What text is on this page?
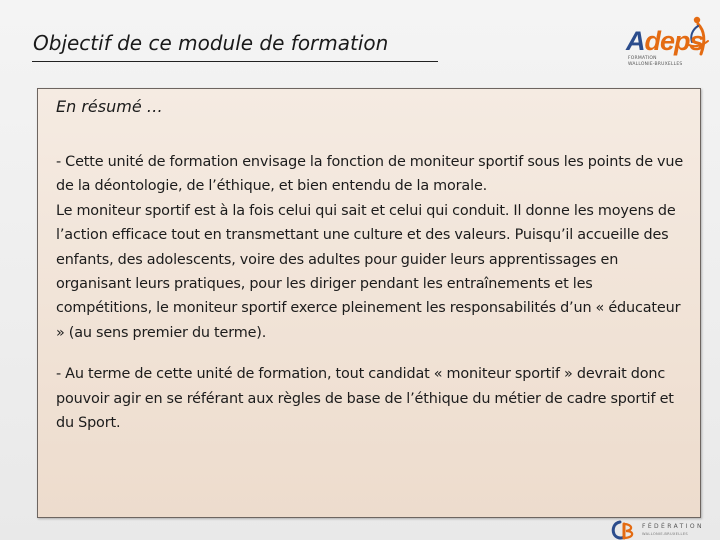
Objectif de ce module de formation	Adeps
FORMATION
WALLONIE-BRUXELLES
En résumé …

- Cette unité de formation envisage la fonction de moniteur sportif sous les points de vue de la déontologie, de l’éthique, et bien entendu de la morale.

Le moniteur sportif est à la fois celui qui sait et celui qui conduit. Il donne les moyens de l’action efficace tout en transmettant une culture et des valeurs. Puisqu’il accueille des enfants, des adolescents, voire des adultes pour guider leurs apprentissages en organisant leurs pratiques, pour les diriger pendant les entraînements et les compétitions, le moniteur sportif exerce pleinement les responsabilités d’un « éducateur » (au sens premier du terme).

- Au terme de cette unité de formation, tout candidat « moniteur sportif » devrait donc pouvoir agir en se référant aux règles de base de l’éthique du métier de cadre sportif et du Sport.

FÉDÉRATION
WALLONIE-BRUXELLES
